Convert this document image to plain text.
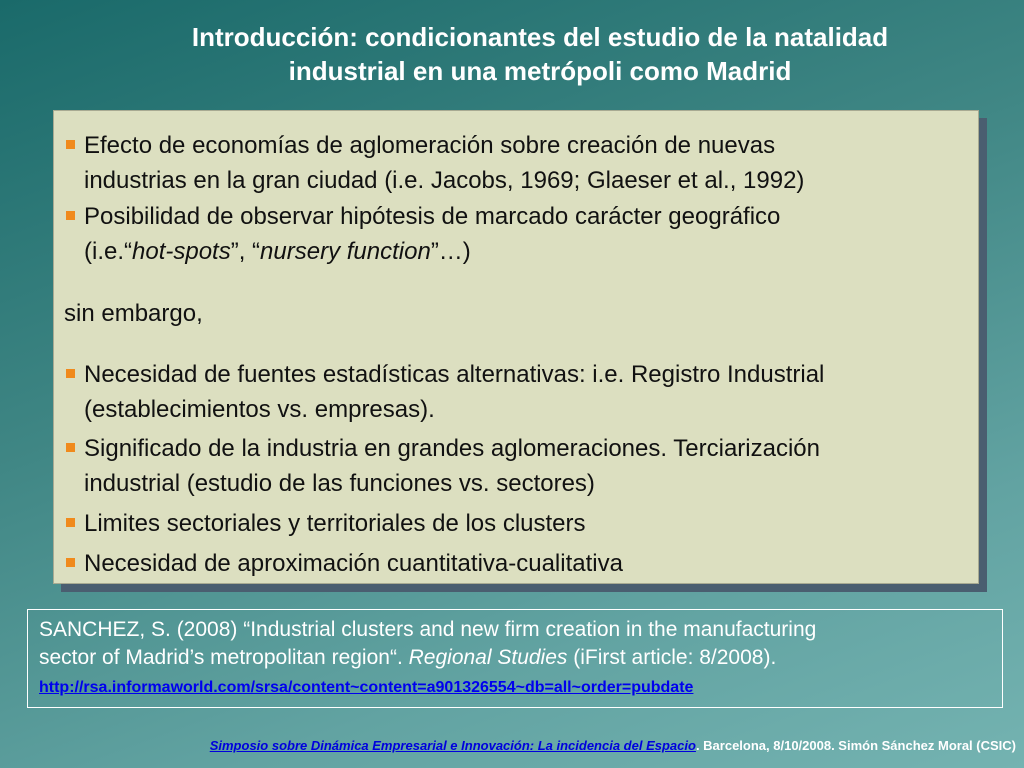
Introducción: condicionantes del estudio de la natalidad
industrial en una metrópoli como Madrid
Efecto de economías de aglomeración sobre creación de nuevas
industrias en la gran ciudad (i.e. Jacobs, 1969; Glaeser et al., 1992)
Posibilidad de observar hipótesis de marcado carácter geográfico
(i.e.“hot-spots”, “nursery function”…)
sin embargo,
Necesidad de fuentes estadísticas alternativas: i.e. Registro Industrial
(establecimientos vs. empresas).
Significado de la industria en grandes aglomeraciones. Terciarización
industrial (estudio de las funciones vs. sectores)
Limites sectoriales y territoriales de los clusters
Necesidad de aproximación cuantitativa-cualitativa

SANCHEZ, S. (2008) “Industrial clusters and new firm creation in the manufacturing

sector of Madrid’s metropolitan region“. Regional Studies (iFirst article: 8/2008).

http://rsa.informaworld.com/srsa/content~content=a901326554~db=all~order=pubdate
Simposio sobre Dinámica Empresarial e Innovación: La incidencia del Espacio. Barcelona, 8/10/2008. Simón Sánchez Moral (CSIC)
